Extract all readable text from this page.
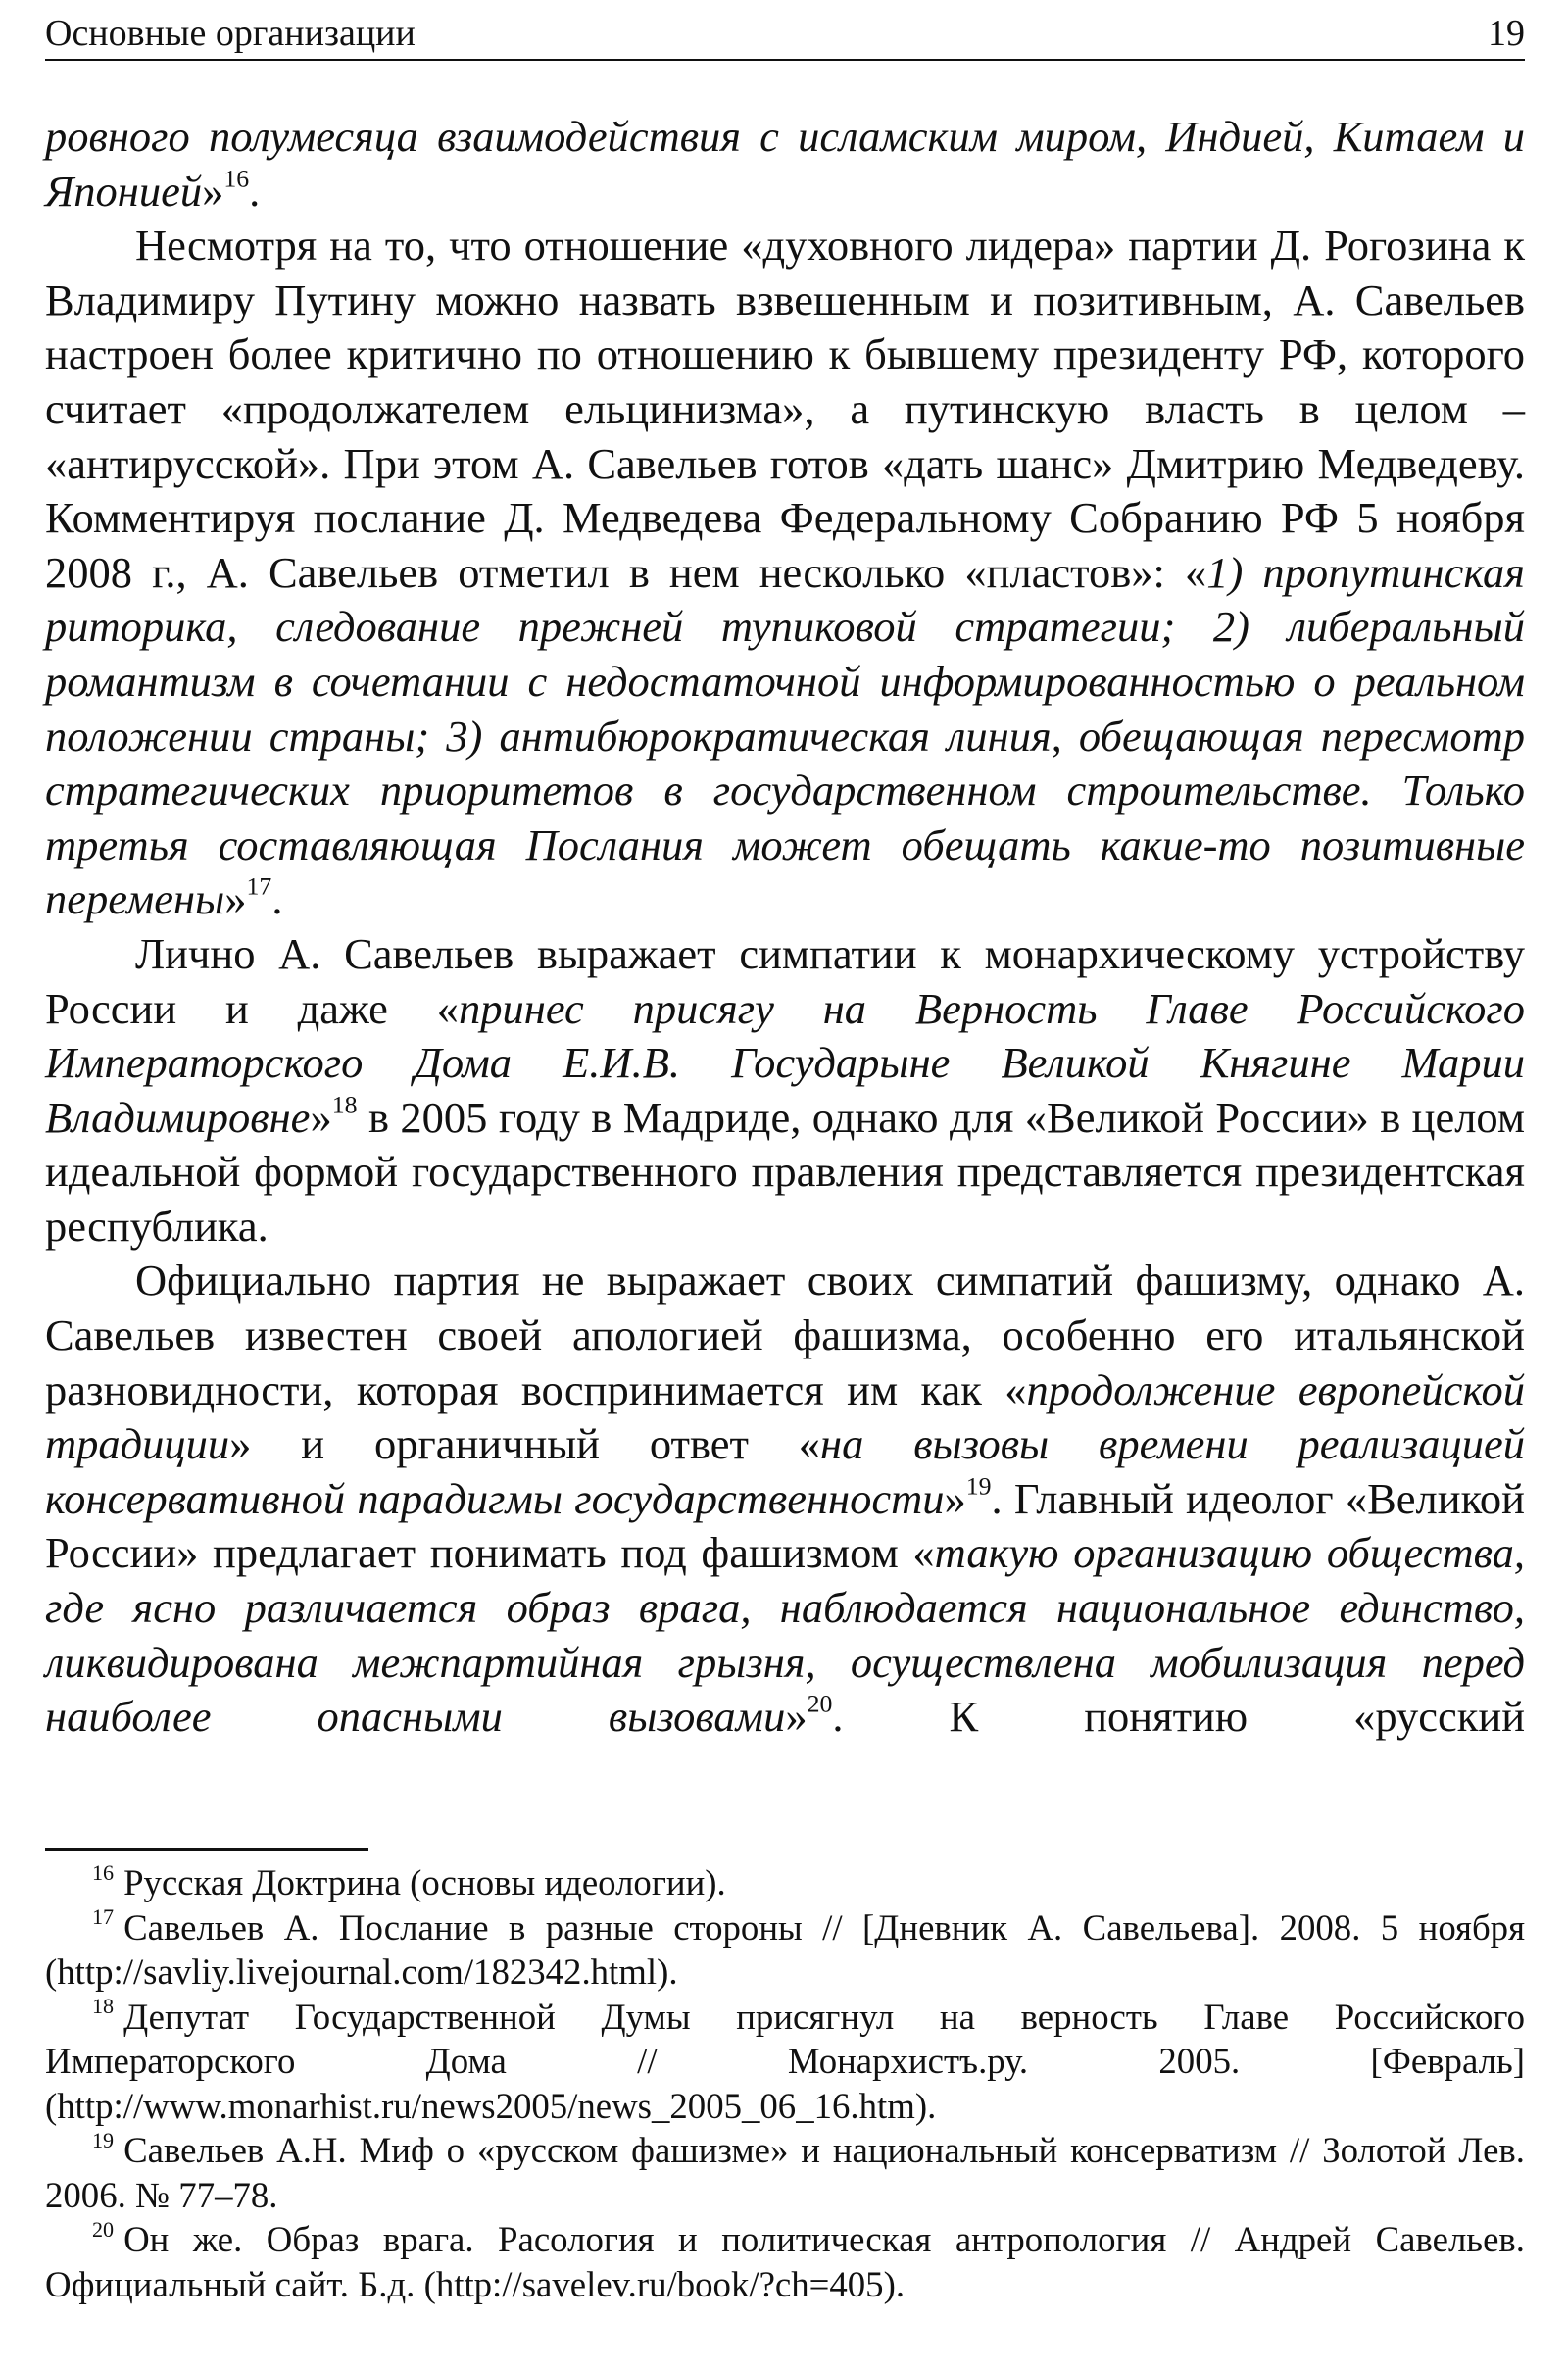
Основные организации	19

ровного полумесяца взаимодействия с исламским миром, Индией, Китаем и Японией»$^{16}$.

Несмотря на то, что отношение «духовного лидера» партии Д. Рогозина к Владимиру Путину можно назвать взвешенным и позитивным, А. Савельев настроен более критично по отношению к бывшему президенту РФ, которого считает «продолжателем ельцинизма», а путинскую власть в целом – «антирусской». При этом А. Савельев готов «дать шанс» Дмитрию Медведеву. Комментируя послание Д. Медведева Федеральному Собранию РФ 5 ноября 2008 г., А. Савельев отметил в нем несколько «пластов»: «1) пропутинская риторика, следование прежней тупиковой стратегии; 2) либеральный романтизм в сочетании с недостаточной информированностью о реальном положении страны; 3) антибюрократическая линия, обещающая пересмотр стратегических приоритетов в государственном строительстве. Только третья составляющая Послания может обещать какие-то позитивные перемены»$^{17}$.

Лично А. Савельев выражает симпатии к монархическому устройству России и даже «принес присягу на Верность Главе Российского Императорского Дома Е.И.В. Государыне Великой Княгине Марии Владимировне»$^{18}$ в 2005 году в Мадриде, однако для «Великой России» в целом идеальной формой государственного правления представляется президентская республика.

Официально партия не выражает своих симпатий фашизму, однако А. Савельев известен своей апологией фашизма, особенно его итальянской разновидности, которая воспринимается им как «продолжение европейской традиции» и органичный ответ «на вызовы времени реализацией консервативной парадигмы государственности»$^{19}$. Главный идеолог «Великой России» предлагает понимать под фашизмом «такую организацию общества, где ясно различается образ врага, наблюдается национальное единство, ликвидирована межпартийная грызня, осуществлена мобилизация перед наиболее опасными вызовами»$^{20}$. К понятию «русский

$^{16}$ Русская Доктрина (основы идеологии).

$^{17}$ Савельев А. Послание в разные стороны // [Дневник А. Савельева]. 2008. 5 ноября (http://savliy.livejournal.com/182342.html).

$^{18}$ Депутат Государственной Думы присягнул на верность Главе Российского Императорского Дома // Монархистъ.ру. 2005. [Февраль] (http://www.monarhist.ru/news2005/news_2005_06_16.htm).

$^{19}$ Савельев А.Н. Миф о «русском фашизме» и национальный консерватизм // Золотой Лев. 2006. № 77–78.

$^{20}$ Он же. Образ врага. Расология и политическая антропология // Андрей Савельев. Официальный сайт. Б.д. (http://savelev.ru/book/?ch=405).
